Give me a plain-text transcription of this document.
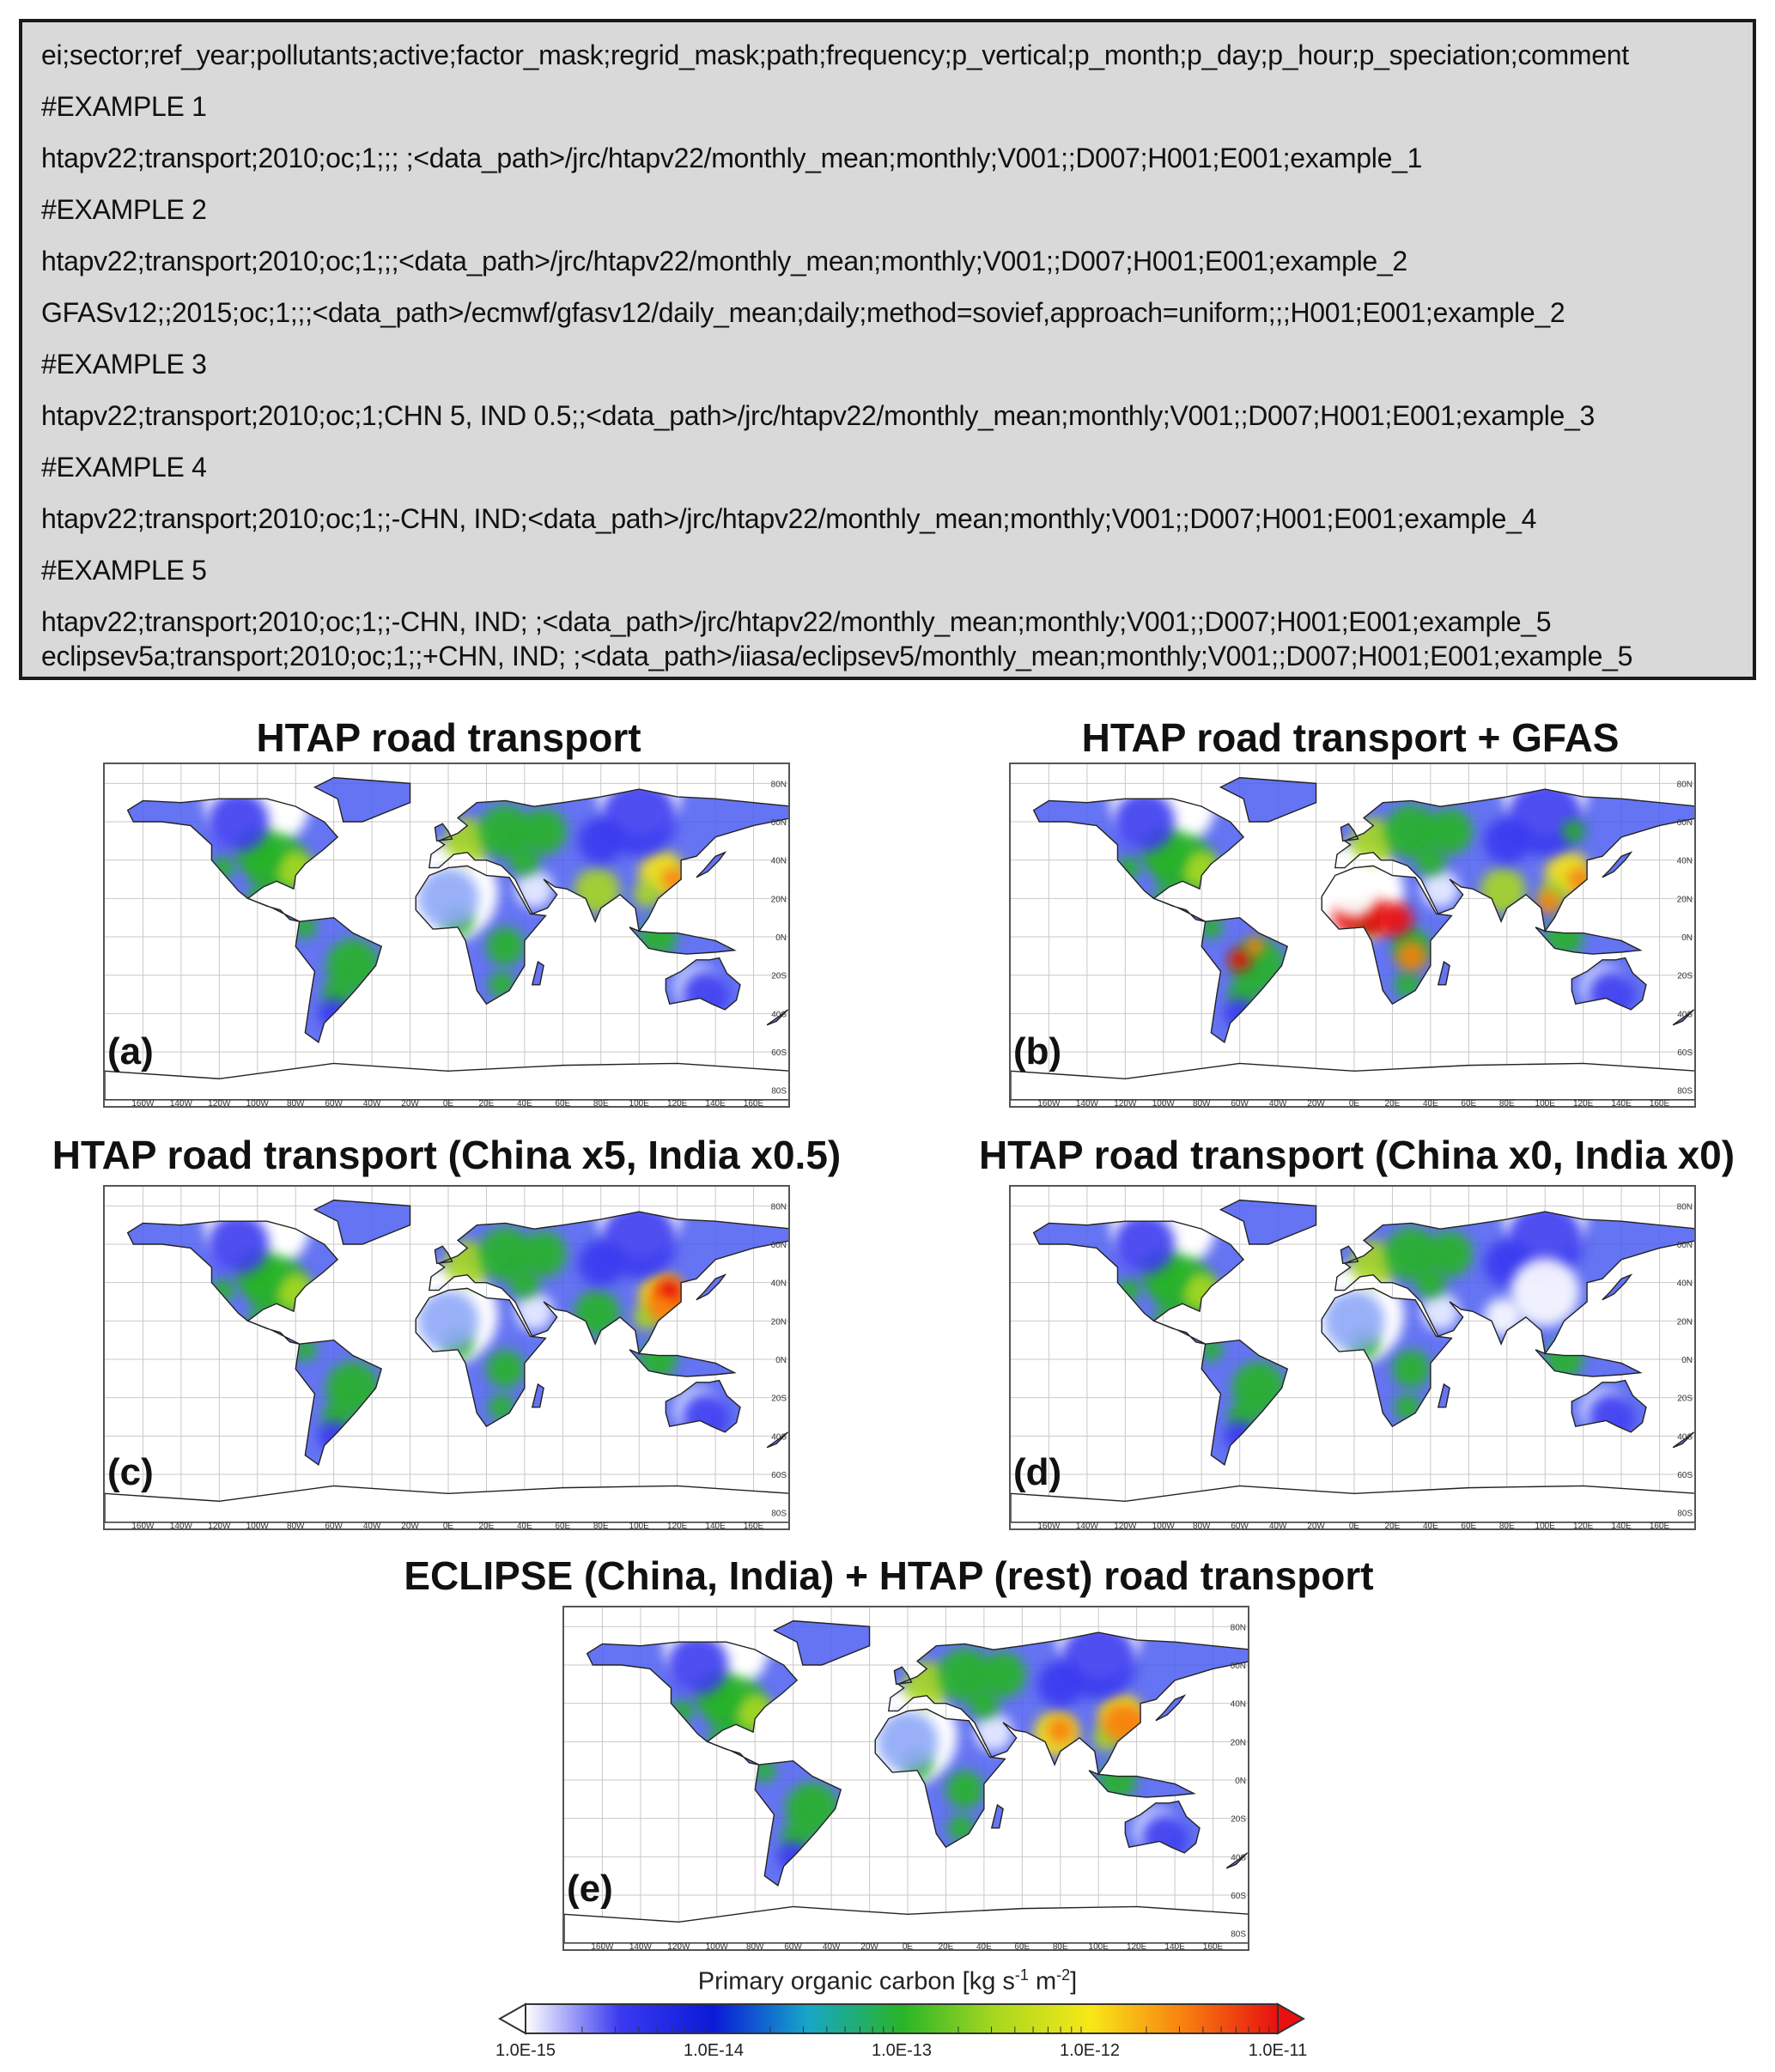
ei;sector;ref_year;pollutants;active;factor_mask;regrid_mask;path;frequency;p_vertical;p_month;p_day;p_hour;p_speciation;comment
#EXAMPLE 1
htapv22;transport;2010;oc;1;;; ;<data_path>/jrc/htapv22/monthly_mean;monthly;V001;;D007;H001;E001;example_1
#EXAMPLE 2
htapv22;transport;2010;oc;1;;;<data_path>/jrc/htapv22/monthly_mean;monthly;V001;;D007;H001;E001;example_2
GFASv12;;2015;oc;1;;;<data_path>/ecmwf/gfasv12/daily_mean;daily;method=sovief,approach=uniform;;;H001;E001;example_2
#EXAMPLE 3
htapv22;transport;2010;oc;1;CHN 5, IND 0.5;;<data_path>/jrc/htapv22/monthly_mean;monthly;V001;;D007;H001;E001;example_3
#EXAMPLE 4
htapv22;transport;2010;oc;1;;-CHN, IND;<data_path>/jrc/htapv22/monthly_mean;monthly;V001;;D007;H001;E001;example_4
#EXAMPLE 5
htapv22;transport;2010;oc;1;;-CHN, IND; ;<data_path>/jrc/htapv22/monthly_mean;monthly;V001;;D007;H001;E001;example_5
eclipsev5a;transport;2010;oc;1;;+CHN, IND; ;<data_path>/iiasa/eclipsev5/monthly_mean;monthly;V001;;D007;H001;E001;example_5
HTAP road transport
160W 140W 120W 100W 80W 60W 40W 20W	0E	20E	40E	60E	80E 100E 120E 140E 160E
80N
60N
40N
20N
0N
20S
40S
60S
80S
(a)
HTAP road transport + GFAS
160W 140W 120W 100W 80W 60W 40W 20W	0E	20E	40E	60E	80E 100E 120E 140E 160E
80N
60N
40N
20N
0N
20S
40S
60S
80S
(b)
HTAP road transport (China x5, India x0.5)
160W 140W 120W 100W 80W 60W 40W 20W	0E	20E	40E	60E	80E 100E 120E 140E 160E
80N
60N
40N
20N
0N
20S
40S
60S
80S
(c)
HTAP road transport (China x0, India x0)
160W 140W 120W 100W 80W 60W 40W 20W	0E	20E	40E	60E	80E 100E 120E 140E 160E
80N
60N
40N
20N
0N
20S
40S
60S
80S
(d)
ECLIPSE (China, India) + HTAP (rest) road transport
160W 140W 120W 100W 80W 60W 40W 20W	0E	20E	40E	60E	80E 100E 120E 140E 160E
80N
60N
40N
20N
0N
20S
40S
60S
80S
(e)
Primary organic carbon [kg $s^{-1}$ $m^{-2}$]
1.0E-15	1.0E-14	1.0E-13	1.0E-12	1.0E-11
